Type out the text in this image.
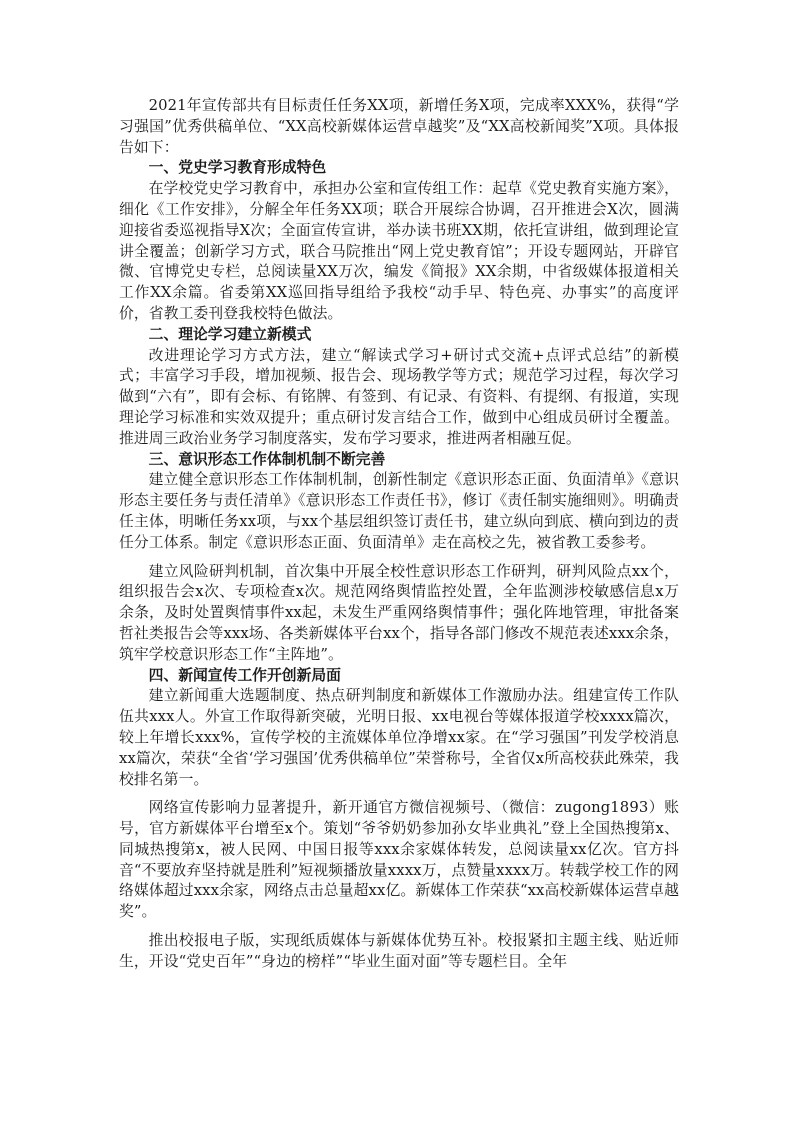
2021年宣传部共有目标责任任务XX项，新增任务X项，完成率XXX%，获得“学习强国”优秀供稿单位、“XX高校新媒体运营卓越奖”及“XX高校新闻奖”X项。具体报告如下：

一、党史学习教育形成特色

在学校党史学习教育中，承担办公室和宣传组工作：起草《党史教育实施方案》，细化《工作安排》，分解全年任务XX项；联合开展综合协调，召开推进会X次，圆满迎接省委巡视指导X次；全面宣传宣讲，举办读书班XX期，依托宣讲组，做到理论宣讲全覆盖；创新学习方式，联合马院推出“网上党史教育馆”；开设专题网站，开辟官微、官博党史专栏，总阅读量XX万次，编发《简报》XX余期，中省级媒体报道相关工作XX余篇。省委第XX巡回指导组给予我校“动手早、特色亮、办事实”的高度评价，省教工委刊登我校特色做法。

二、理论学习建立新模式

改进理论学习方式方法，建立“解读式学习+研讨式交流+点评式总结”的新模式；丰富学习手段，增加视频、报告会、现场教学等方式；规范学习过程，每次学习做到“六有”，即有会标、有铭牌、有签到、有记录、有资料、有提纲、有报道，实现理论学习标准和实效双提升；重点研讨发言结合工作，做到中心组成员研讨全覆盖。推进周三政治业务学习制度落实，发布学习要求，推进两者相融互促。

三、意识形态工作体制机制不断完善

建立健全意识形态工作体制机制，创新性制定《意识形态正面、负面清单》《意识形态主要任务与责任清单》《意识形态工作责任书》，修订《责任制实施细则》。明确责任主体，明晰任务xx项，与xx个基层组织签订责任书，建立纵向到底、横向到边的责任分工体系。制定《意识形态正面、负面清单》走在高校之先，被省教工委参考。

建立风险研判机制，首次集中开展全校性意识形态工作研判，研判风险点xx个，组织报告会x次、专项检查x次。规范网络舆情监控处置，全年监测涉校敏感信息x万余条，及时处置舆情事件xx起，未发生严重网络舆情事件；强化阵地管理，审批备案哲社类报告会等xxx场、各类新媒体平台xx个，指导各部门修改不规范表述xxx余条，筑牢学校意识形态工作“主阵地”。

四、新闻宣传工作开创新局面

建立新闻重大选题制度、热点研判制度和新媒体工作激励办法。组建宣传工作队伍共xxx人。外宣工作取得新突破，光明日报、xx电视台等媒体报道学校xxxx篇次，较上年增长xxx%，宣传学校的主流媒体单位净增xx家。在“学习强国”刊发学校消息xx篇次，荣获“全省‘学习强国’优秀供稿单位”荣誉称号，全省仅x所高校获此殊荣，我校排名第一。

网络宣传影响力显著提升，新开通官方微信视频号、（微信：zugong1893）账号，官方新媒体平台增至x个。策划“爷爷奶奶参加孙女毕业典礼”登上全国热搜第x、同城热搜第x，被人民网、中国日报等xxx余家媒体转发，总阅读量xx亿次。官方抖音“不要放弃坚持就是胜利”短视频播放量xxxx万，点赞量xxxx万。转载学校工作的网络媒体超过xxx余家，网络点击总量超xx亿。新媒体工作荣获“xx高校新媒体运营卓越奖”。

推出校报电子版，实现纸质媒体与新媒体优势互补。校报紧扣主题主线、贴近师生，开设“党史百年”“身边的榜样”“毕业生面对面”等专题栏目。全年
